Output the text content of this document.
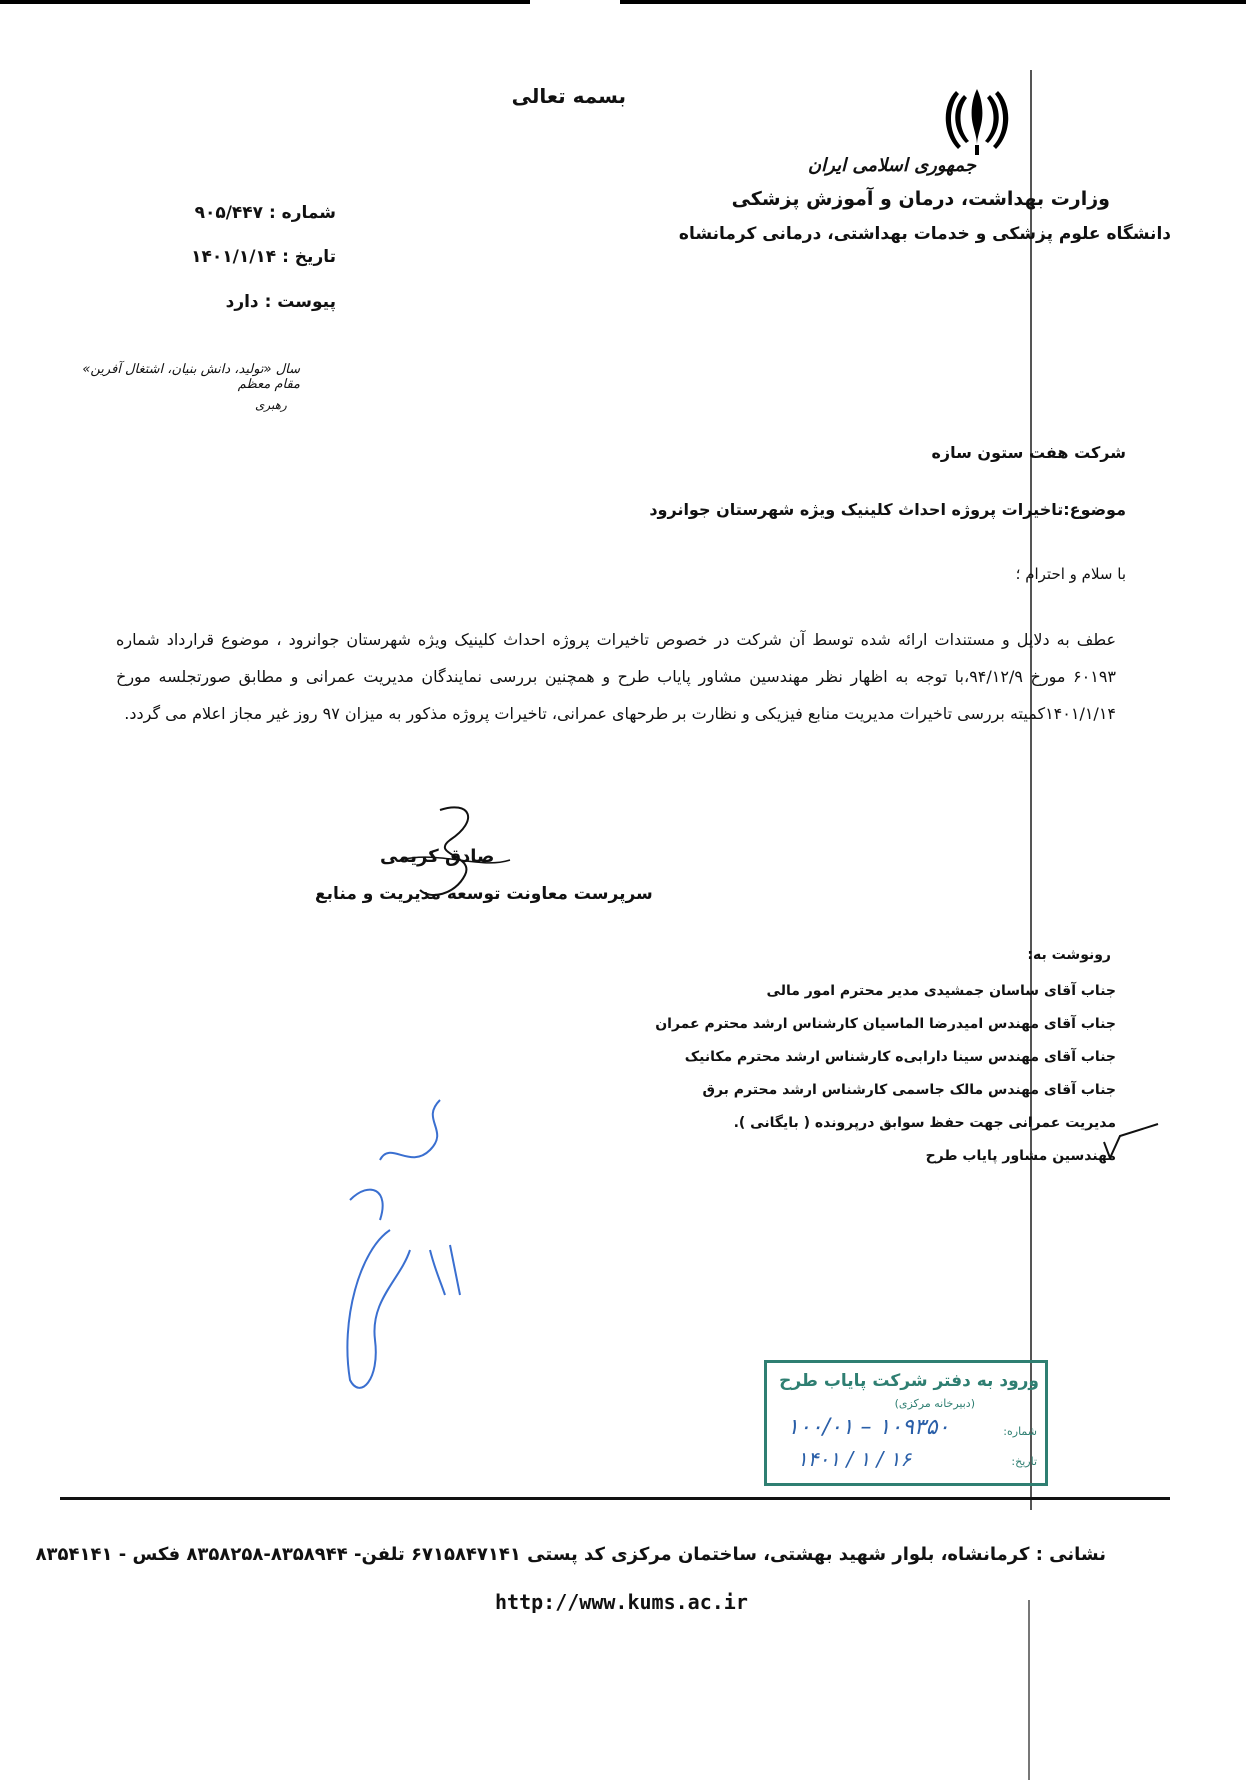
بسمه تعالی
جمهوری اسلامی ایران
وزارت بهداشت، درمان و آموزش پزشکی
دانشگاه علوم پزشکی و خدمات بهداشتی، درمانی کرمانشاه
شماره : ۹۰۵/۴۴۷
تاریخ : ۱۴۰۱/۱/۱۴
پیوست : دارد
سال «تولید، دانش بنیان، اشتغال آفرین» مقام معظم
رهبری
شرکت هفت ستون سازه
موضوع:تاخیرات پروژه احداث کلینیک ویژه شهرستان جوانرود
با سلام و احترام ؛
عطف به دلایل و مستندات ارائه شده توسط آن شرکت در خصوص تاخیرات پروژه احداث کلینیک ویژه شهرستان جوانرود ، موضوع قرارداد شماره ۶۰۱۹۳ مورخ ۹۴/۱۲/۹،با توجه به اظهار نظر مهندسین مشاور پایاب طرح و همچنین بررسی نمایندگان مدیریت عمرانی و مطابق صورتجلسه مورخ ۱۴۰۱/۱/۱۴کمیته بررسی تاخیرات مدیریت منابع فیزیکی و نظارت بر طرحهای عمرانی، تاخیرات پروژه مذکور به میزان ۹۷ روز غیر مجاز اعلام می گردد.
صادق کریمی
سرپرست معاونت توسعه مدیریت و منابع
رونوشت به:
جناب آقای ساسان جمشیدی مدیر محترم امور مالی
جناب آقای مهندس امیدرضا الماسیان کارشناس ارشد محترم عمران
جناب آقای مهندس سینا دارابی‌ه کارشناس ارشد محترم مکانیک
جناب آقای مهندس مالک جاسمی کارشناس ارشد محترم برق
مدیریت عمرانی جهت حفظ سوابق درپرونده ( بایگانی ).
مهندسین مشاور پایاب طرح
ورود به دفتر شرکت پایاب طرح
(دبیرخانه مرکزی)
شماره:
تاریخ:
۱۰۰/۰۱ – ۱۰۹۳۵۰
۱۴۰۱ / ۱ / ۱۶
نشانی : کرمانشاه، بلوار شهید بهشتی، ساختمان مرکزی کد پستی ۶۷۱۵۸۴۷۱۴۱ تلفن- ۸۳۵۸۹۴۴-۸۳۵۸۲۵۸ فکس - ۸۳۵۴۱۴۱
http://www.kums.ac.ir
